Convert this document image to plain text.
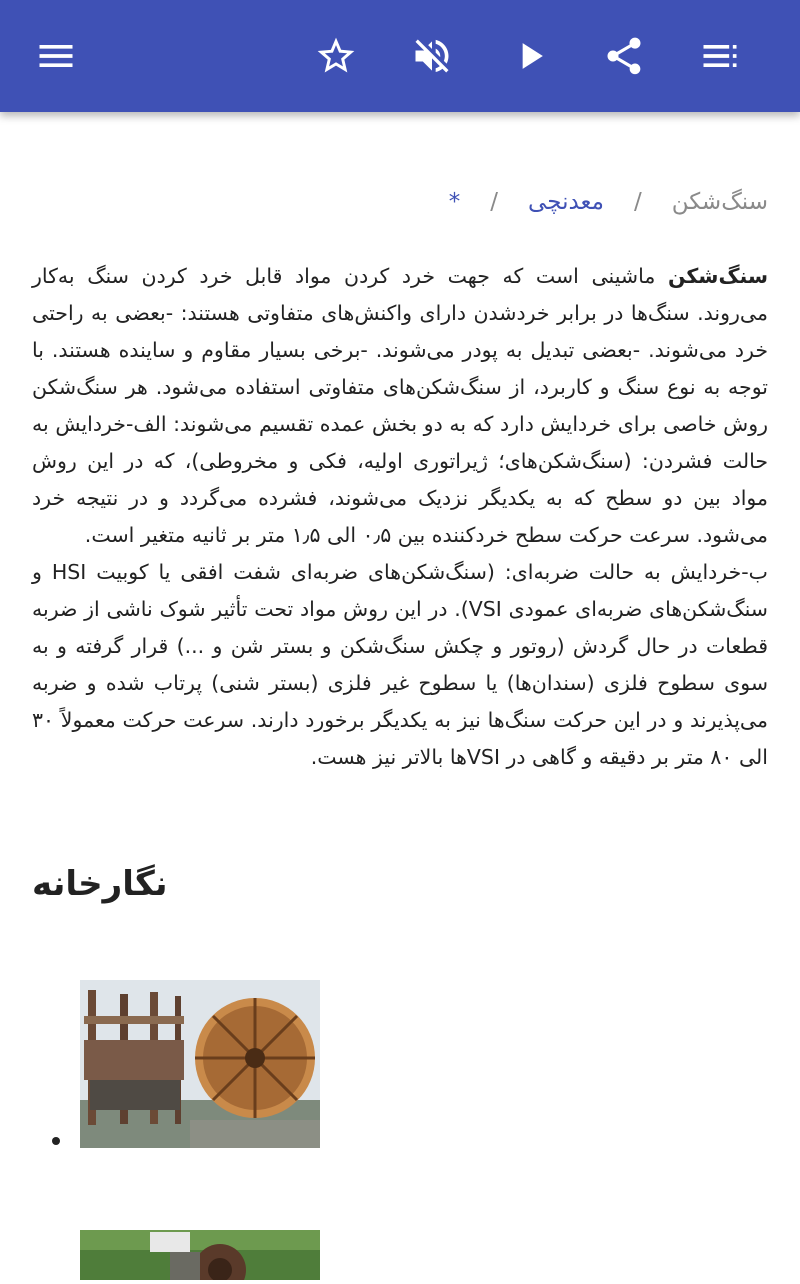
سنگ‌شکن
/
معدنچی
/
*

سنگ‌شکن ماشینی است که جهت خرد کردن مواد قابل خرد کردن سنگ به‌کار می‌روند. سنگ‌ها در برابر خردشدن دارای واکنش‌های متفاوتی هستند: -بعضی به راحتی خرد می‌شوند. -بعضی تبدیل به پودر می‌شوند. -برخی بسیار مقاوم و ساینده هستند. با توجه به نوع سنگ و کاربرد، از سنگ‌شکن‌های متفاوتی استفاده می‌شود. هر سنگ‌شکن روش خاصی برای خردایش دارد که به دو بخش عمده تقسیم می‌شوند: الف-خردایش به حالت فشردن: (سنگ‌شکن‌های؛ ژیراتوری اولیه، فکی و مخروطی)، که در این روش مواد بین دو سطح که به یکدیگر نزدیک می‌شوند، فشرده می‌گردد و در نتیجه خرد می‌شود. سرعت حرکت سطح خردکننده بین ۰٫۵ الی ۱٫۵ متر بر ثانیه متغیر است.

ب-خردایش به حالت ضربه‌ای: (سنگ‌شکن‌های ضربه‌ای شفت افقی یا کوبیت HSI و سنگ‌شکن‌های ضربه‌ای عمودی VSI). در این روش مواد تحت تأثیر شوک ناشی از ضربه قطعات در حال گردش (روتور و چکش سنگ‌شکن و بستر شن و ...) قرار گرفته و به سوی سطوح فلزی (سندان‌ها) یا سطوح غیر فلزی (بستر شنی) پرتاب شده و ضربه می‌پذیرند و در این حرکت سنگ‌ها نیز به یکدیگر برخورد دارند. سرعت حرکت معمولاً ۳۰ الی ۸۰ متر بر دقیقه و گاهی در VSIها بالاتر نیز هست.

نگارخانه
